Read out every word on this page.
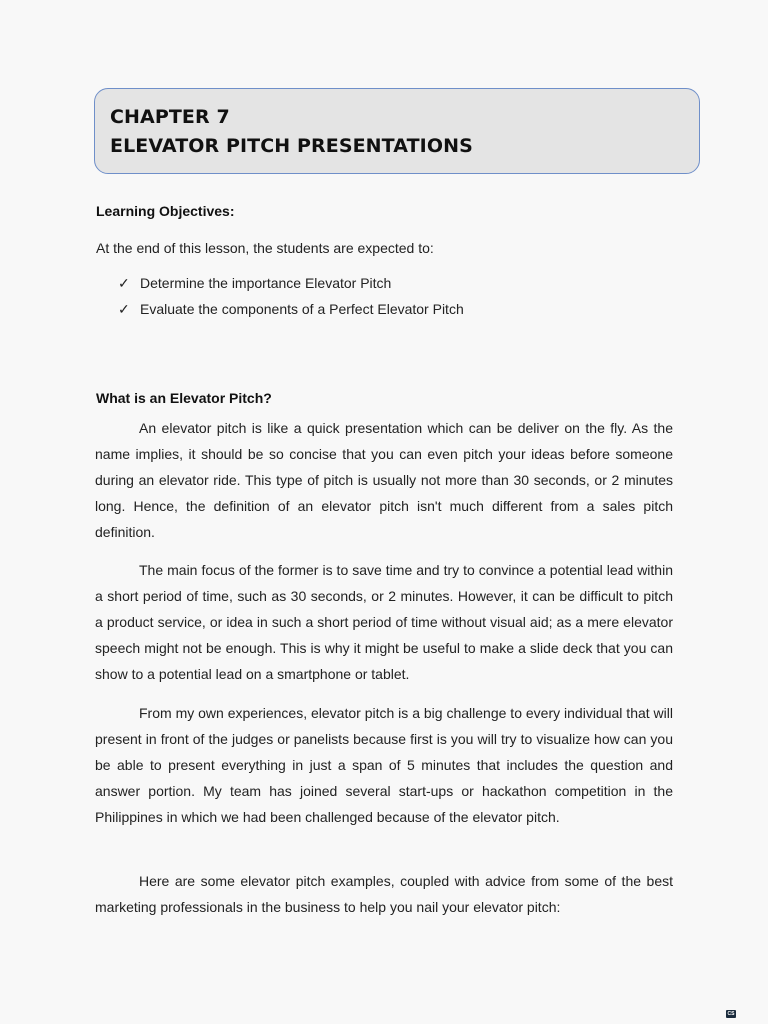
CHAPTER 7
ELEVATOR PITCH PRESENTATIONS
Learning Objectives:
At the end of this lesson, the students are expected to:
✓ Determine the importance Elevator Pitch
✓ Evaluate the components of a Perfect Elevator Pitch
What is an Elevator Pitch?

An elevator pitch is like a quick presentation which can be deliver on the fly. As the name implies, it should be so concise that you can even pitch your ideas before someone during an elevator ride. This type of pitch is usually not more than 30 seconds, or 2 minutes long. Hence, the definition of an elevator pitch isn't much different from a sales pitch definition.

The main focus of the former is to save time and try to convince a potential lead within a short period of time, such as 30 seconds, or 2 minutes. However, it can be difficult to pitch a product service, or idea in such a short period of time without visual aid; as a mere elevator speech might not be enough. This is why it might be useful to make a slide deck that you can show to a potential lead on a smartphone or tablet.

From my own experiences, elevator pitch is a big challenge to every individual that will present in front of the judges or panelists because first is you will try to visualize how can you be able to present everything in just a span of 5 minutes that includes the question and answer portion. My team has joined several start-ups or hackathon competition in the Philippines in which we had been challenged because of the elevator pitch.

Here are some elevator pitch examples, coupled with advice from some of the best marketing professionals in the business to help you nail your elevator pitch:

CS
